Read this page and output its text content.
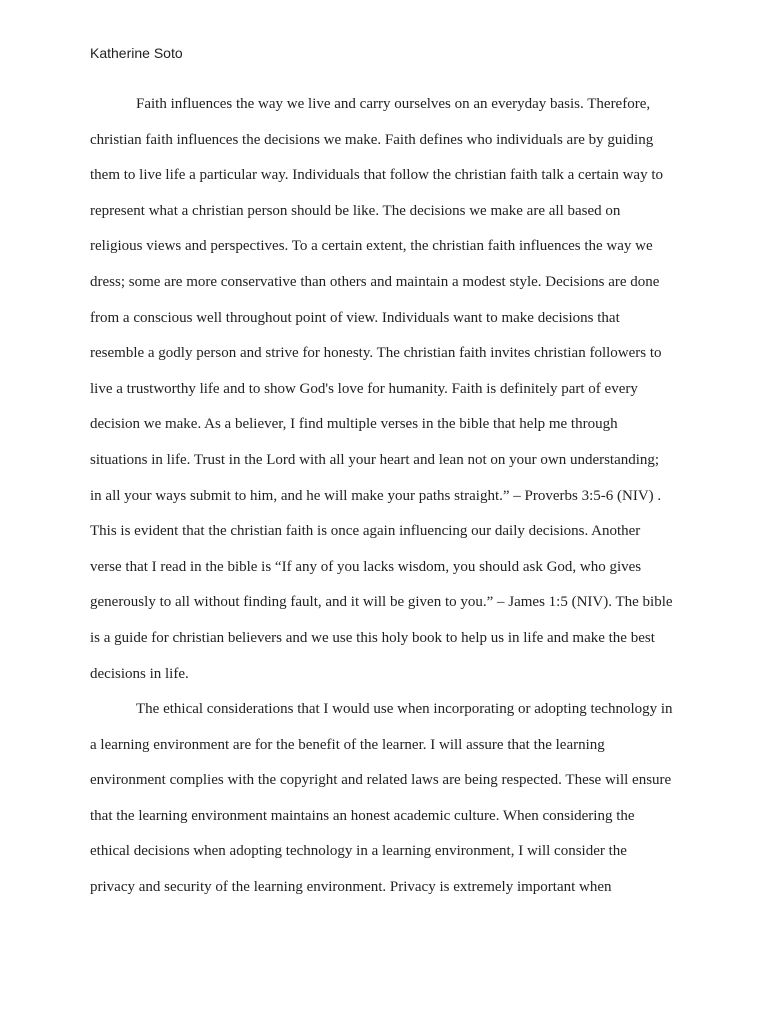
Katherine Soto
Faith influences the way we live and carry ourselves on an everyday basis. Therefore,
christian faith influences the decisions we make. Faith defines who individuals are by guiding
them to live life a particular way. Individuals that follow the christian faith talk a certain way to
represent what a christian person should be like. The decisions we make are all based on
religious views and perspectives. To a certain extent, the christian faith influences the way we
dress; some are more conservative than others and maintain a modest style. Decisions are done
from a conscious well throughout point of view. Individuals want to make decisions that
resemble a godly person and strive for honesty. The christian faith invites christian followers to
live a trustworthy life and to show God's love for humanity. Faith is definitely part of every
decision we make. As a believer, I find multiple verses in the bible that help me through
situations in life. Trust in the Lord with all your heart and lean not on your own understanding;
in all your ways submit to him, and he will make your paths straight.” – Proverbs 3:5-6 (NIV) .
This is evident that the christian faith is once again influencing our daily decisions. Another
verse that I read in the bible is “If any of you lacks wisdom, you should ask God, who gives
generously to all without finding fault, and it will be given to you.” – James 1:5 (NIV). The bible
is a guide for christian believers and we use this holy book to help us in life and make the best
decisions in life.
The ethical considerations that I would use when incorporating or adopting technology in
a learning environment are for the benefit of the learner. I will assure that the learning
environment complies with the copyright and related laws are being respected. These will ensure
that the learning environment maintains an honest academic culture. When considering the
ethical decisions when adopting technology in a learning environment, I will consider the
privacy and security of the learning environment. Privacy is extremely important when
